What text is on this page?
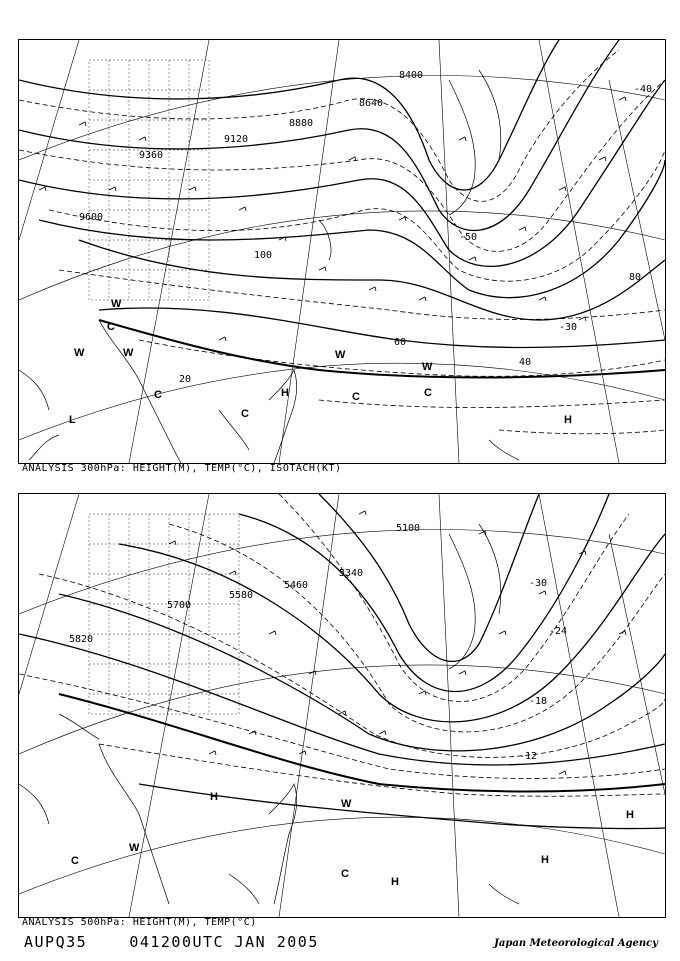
8400
8640
8880
9120
9360
9600
20
40
60
80
100
-30
-40
-50
L
H
H
C
C
C	C
C
W
W	W	W
W
ANALYSIS 300hPa: HEIGHT(M), TEMP(°C), ISOTACH(KT)
5100
5340
5460
5580
5700
5820
-12
-18
-24
-30
H
H
H
H
C
C
W
W
ANALYSIS 500hPa: HEIGHT(M), TEMP(°C)
AUPQ35	041200UTC JAN 2005	Japan Meteorological Agency
